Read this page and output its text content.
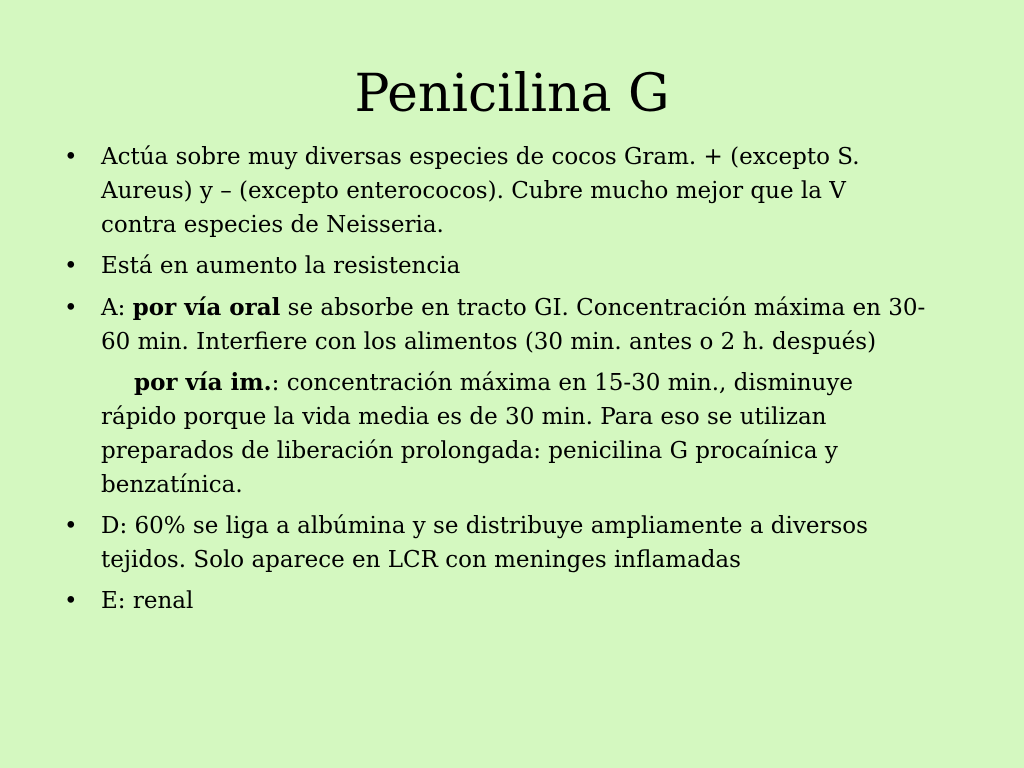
Penicilina G
• Actúa sobre muy diversas especies de cocos Gram. + (excepto S.
Aureus) y – (excepto enterococos). Cubre mucho mejor que la V
contra especies de Neisseria.
• Está en aumento la resistencia
• A: por vía oral se absorbe en tracto GI. Concentración máxima en 30-
60 min. Interfiere con los alimentos (30 min. antes o 2 h. después)
por vía im.: concentración máxima en 15-30 min., disminuye
rápido porque la vida media es de 30 min. Para eso se utilizan
preparados de liberación prolongada: penicilina G procaínica y
benzatínica.
• D: 60% se liga a albúmina y se distribuye ampliamente a diversos
tejidos. Solo aparece en LCR con meninges inflamadas
• E: renal
